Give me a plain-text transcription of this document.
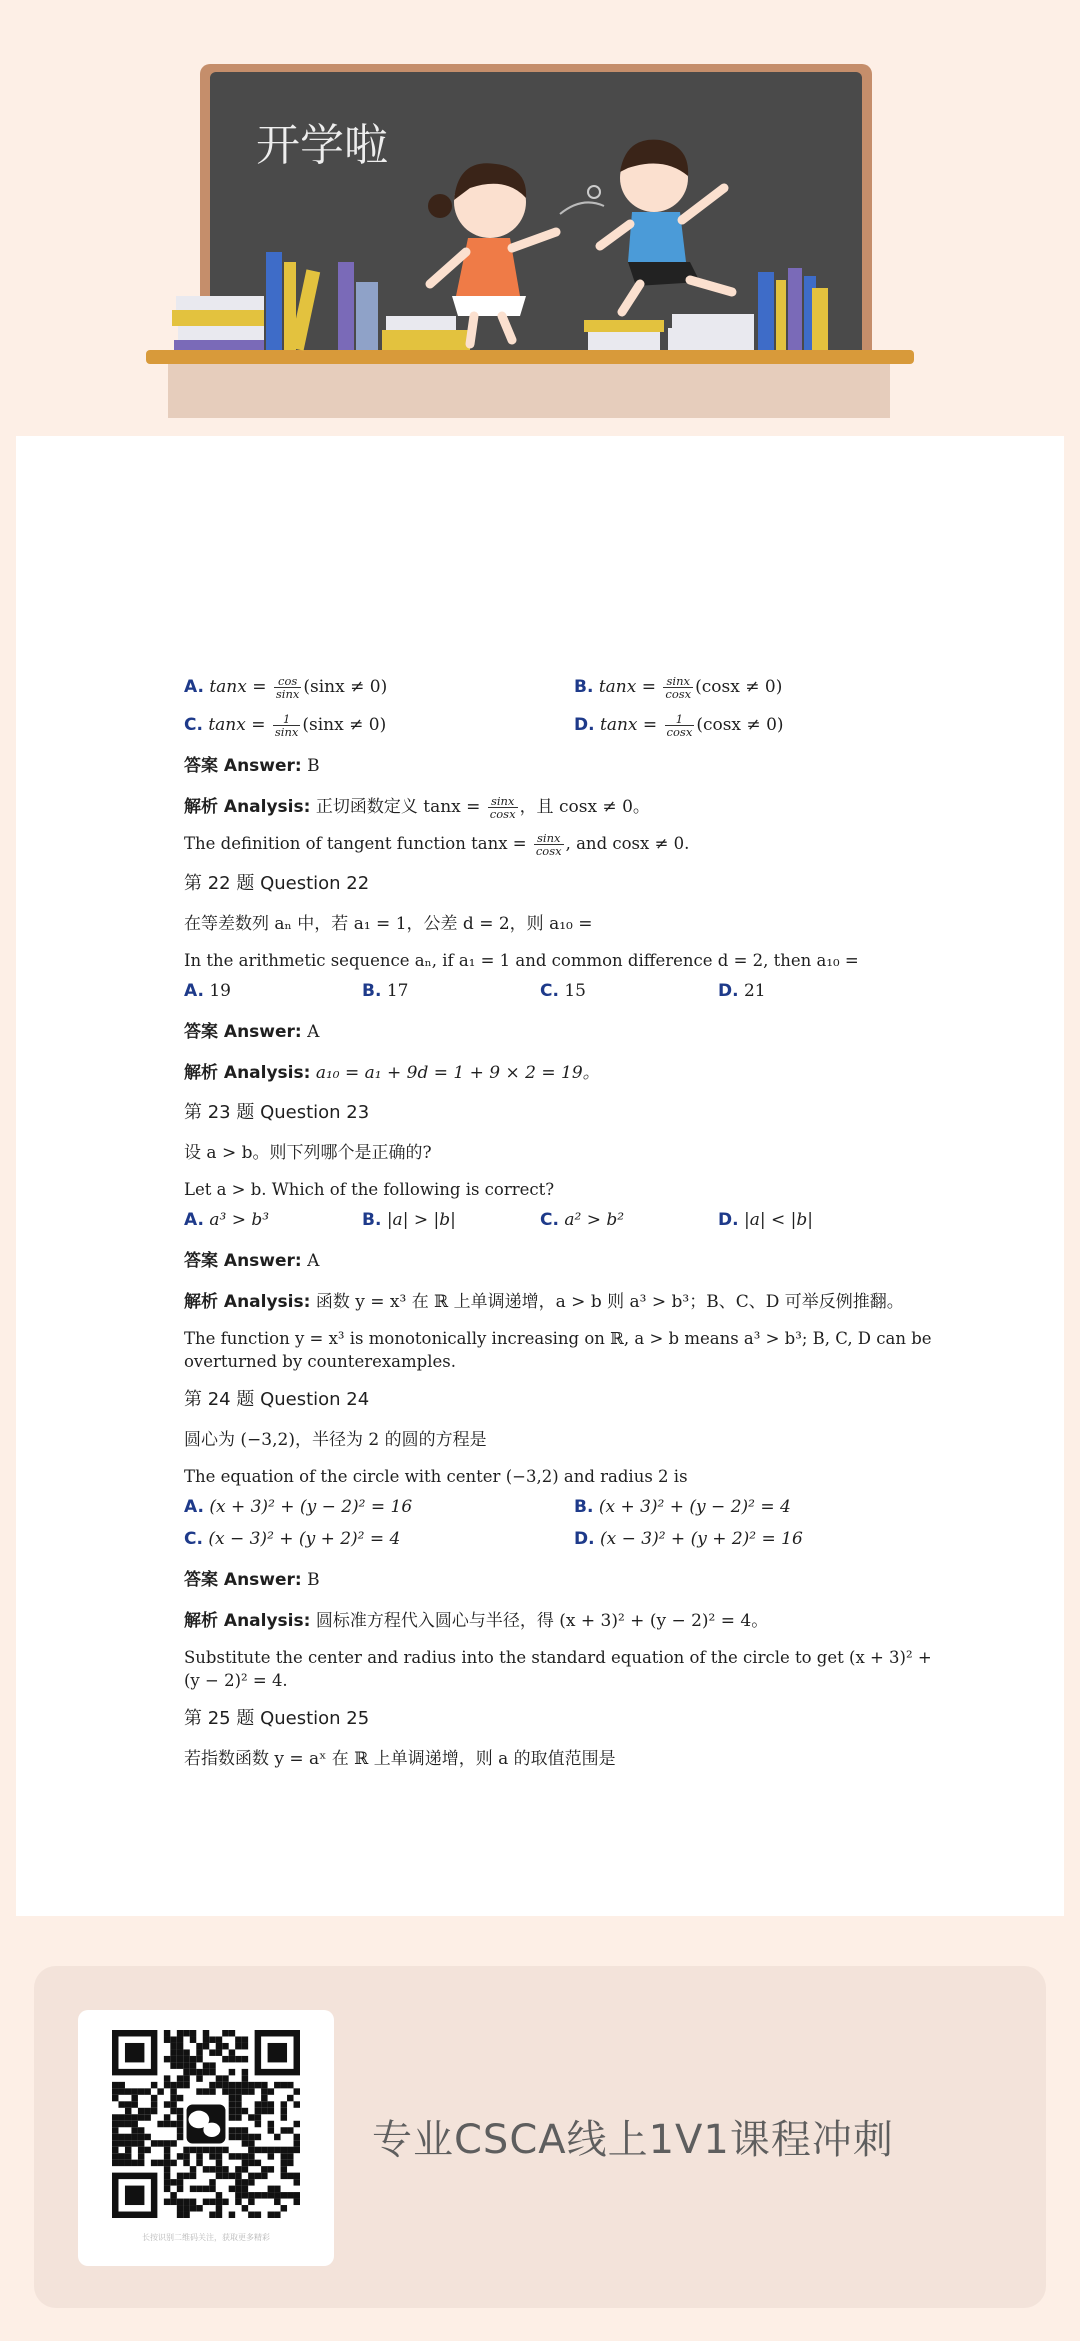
开学啦
A. $\tan x = \frac{\cos}{\sin x} (\sin x \ne 0)$	B. $\tan x = \frac{\sin x}{\cos x} (\cos x \ne 0)$
C. $\tan x = \frac{1}{\sin x} (\sin x \ne 0)$	D. $\tan x = \frac{1}{\cos x} (\cos x \ne 0)$
答案 Answer: B
解析 Analysis: 正切函数定义 $\tan x = \frac{\sin x}{\cos x}$ ，且 cosx ≠ 0。
The definition of tangent function $\tan x = \frac{\sin x}{\cos x}$ , and cosx ≠ 0.
第 22 题 Question 22
在等差数列 aₙ 中，若 a₁ = 1，公差 d = 2，则 a₁₀ =
In the arithmetic sequence aₙ, if a₁ = 1 and common difference d = 2, then a₁₀ =
A. 19	B. 17	C. 15	D. 21
答案 Answer: A
解析 Analysis: a₁₀ = a₁ + 9d = 1 + 9 × 2 = 19。
第 23 题 Question 23
设 a > b。则下列哪个是正确的?
Let a > b. Which of the following is correct?
A. a³ > b³	B. |a| > |b|	C. a² > b²	D. |a| < |b|
答案 Answer: A
解析 Analysis: 函数 y = x³ 在 ℝ 上单调递增，a > b 则 a³ > b³；B、C、D 可举反例推翻。
The function y = x³ is monotonically increasing on ℝ, a > b means a³ > b³; B, C, D can be overturned by counterexamples.
第 24 题 Question 24
圆心为 (−3,2)，半径为 2 的圆的方程是
The equation of the circle with center (−3,2) and radius 2 is
A. (x + 3)² + (y − 2)² = 16	B. (x + 3)² + (y − 2)² = 4
C. (x − 3)² + (y + 2)² = 4	D. (x − 3)² + (y + 2)² = 16
答案 Answer: B
解析 Analysis: 圆标准方程代入圆心与半径，得 (x + 3)² + (y − 2)² = 4。
Substitute the center and radius into the standard equation of the circle to get (x + 3)² + (y − 2)² = 4.
第 25 题 Question 25
若指数函数 y = aˣ 在 ℝ 上单调递增，则 a 的取值范围是
长按识别二维码关注，获取更多精彩
专业CSCA线上1V1课程冲刺
